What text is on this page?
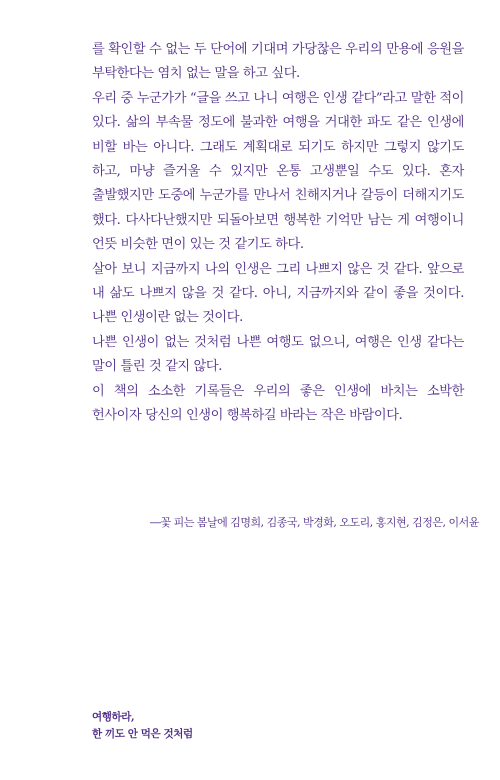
를 확인할 수 없는 두 단어에 기대며 가당찮은 우리의 만용에 응원을 부탁한다는 염치 없는 말을 하고 싶다.

우리 중 누군가가 “글을 쓰고 나니 여행은 인생 같다”라고 말한 적이 있다. 삶의 부속물 정도에 불과한 여행을 거대한 파도 같은 인생에 비할 바는 아니다. 그래도 계획대로 되기도 하지만 그렇지 않기도 하고, 마냥 즐거울 수 있지만 온통 고생뿐일 수도 있다. 혼자 출발했지만 도중에 누군가를 만나서 친해지거나 갈등이 더해지기도 했다. 다사다난했지만 되돌아보면 행복한 기억만 남는 게 여행이니 언뜻 비슷한 면이 있는 것 같기도 하다.

살아 보니 지금까지 나의 인생은 그리 나쁘지 않은 것 같다. 앞으로 내 삶도 나쁘지 않을 것 같다. 아니, 지금까지와 같이 좋을 것이다. 나쁜 인생이란 없는 것이다.

나쁜 인생이 없는 것처럼 나쁜 여행도 없으니, 여행은 인생 같다는 말이 틀린 것 같지 않다.

이 책의 소소한 기록들은 우리의 좋은 인생에 바치는 소박한 헌사이자 당신의 인생이 행복하길 바라는 작은 바람이다.

―꽃 피는 봄날에 김명희, 김종국, 박경화, 오도리, 홍지현, 김정은, 이서윤
여행하라,
한 끼도 안 먹은 것처럼
